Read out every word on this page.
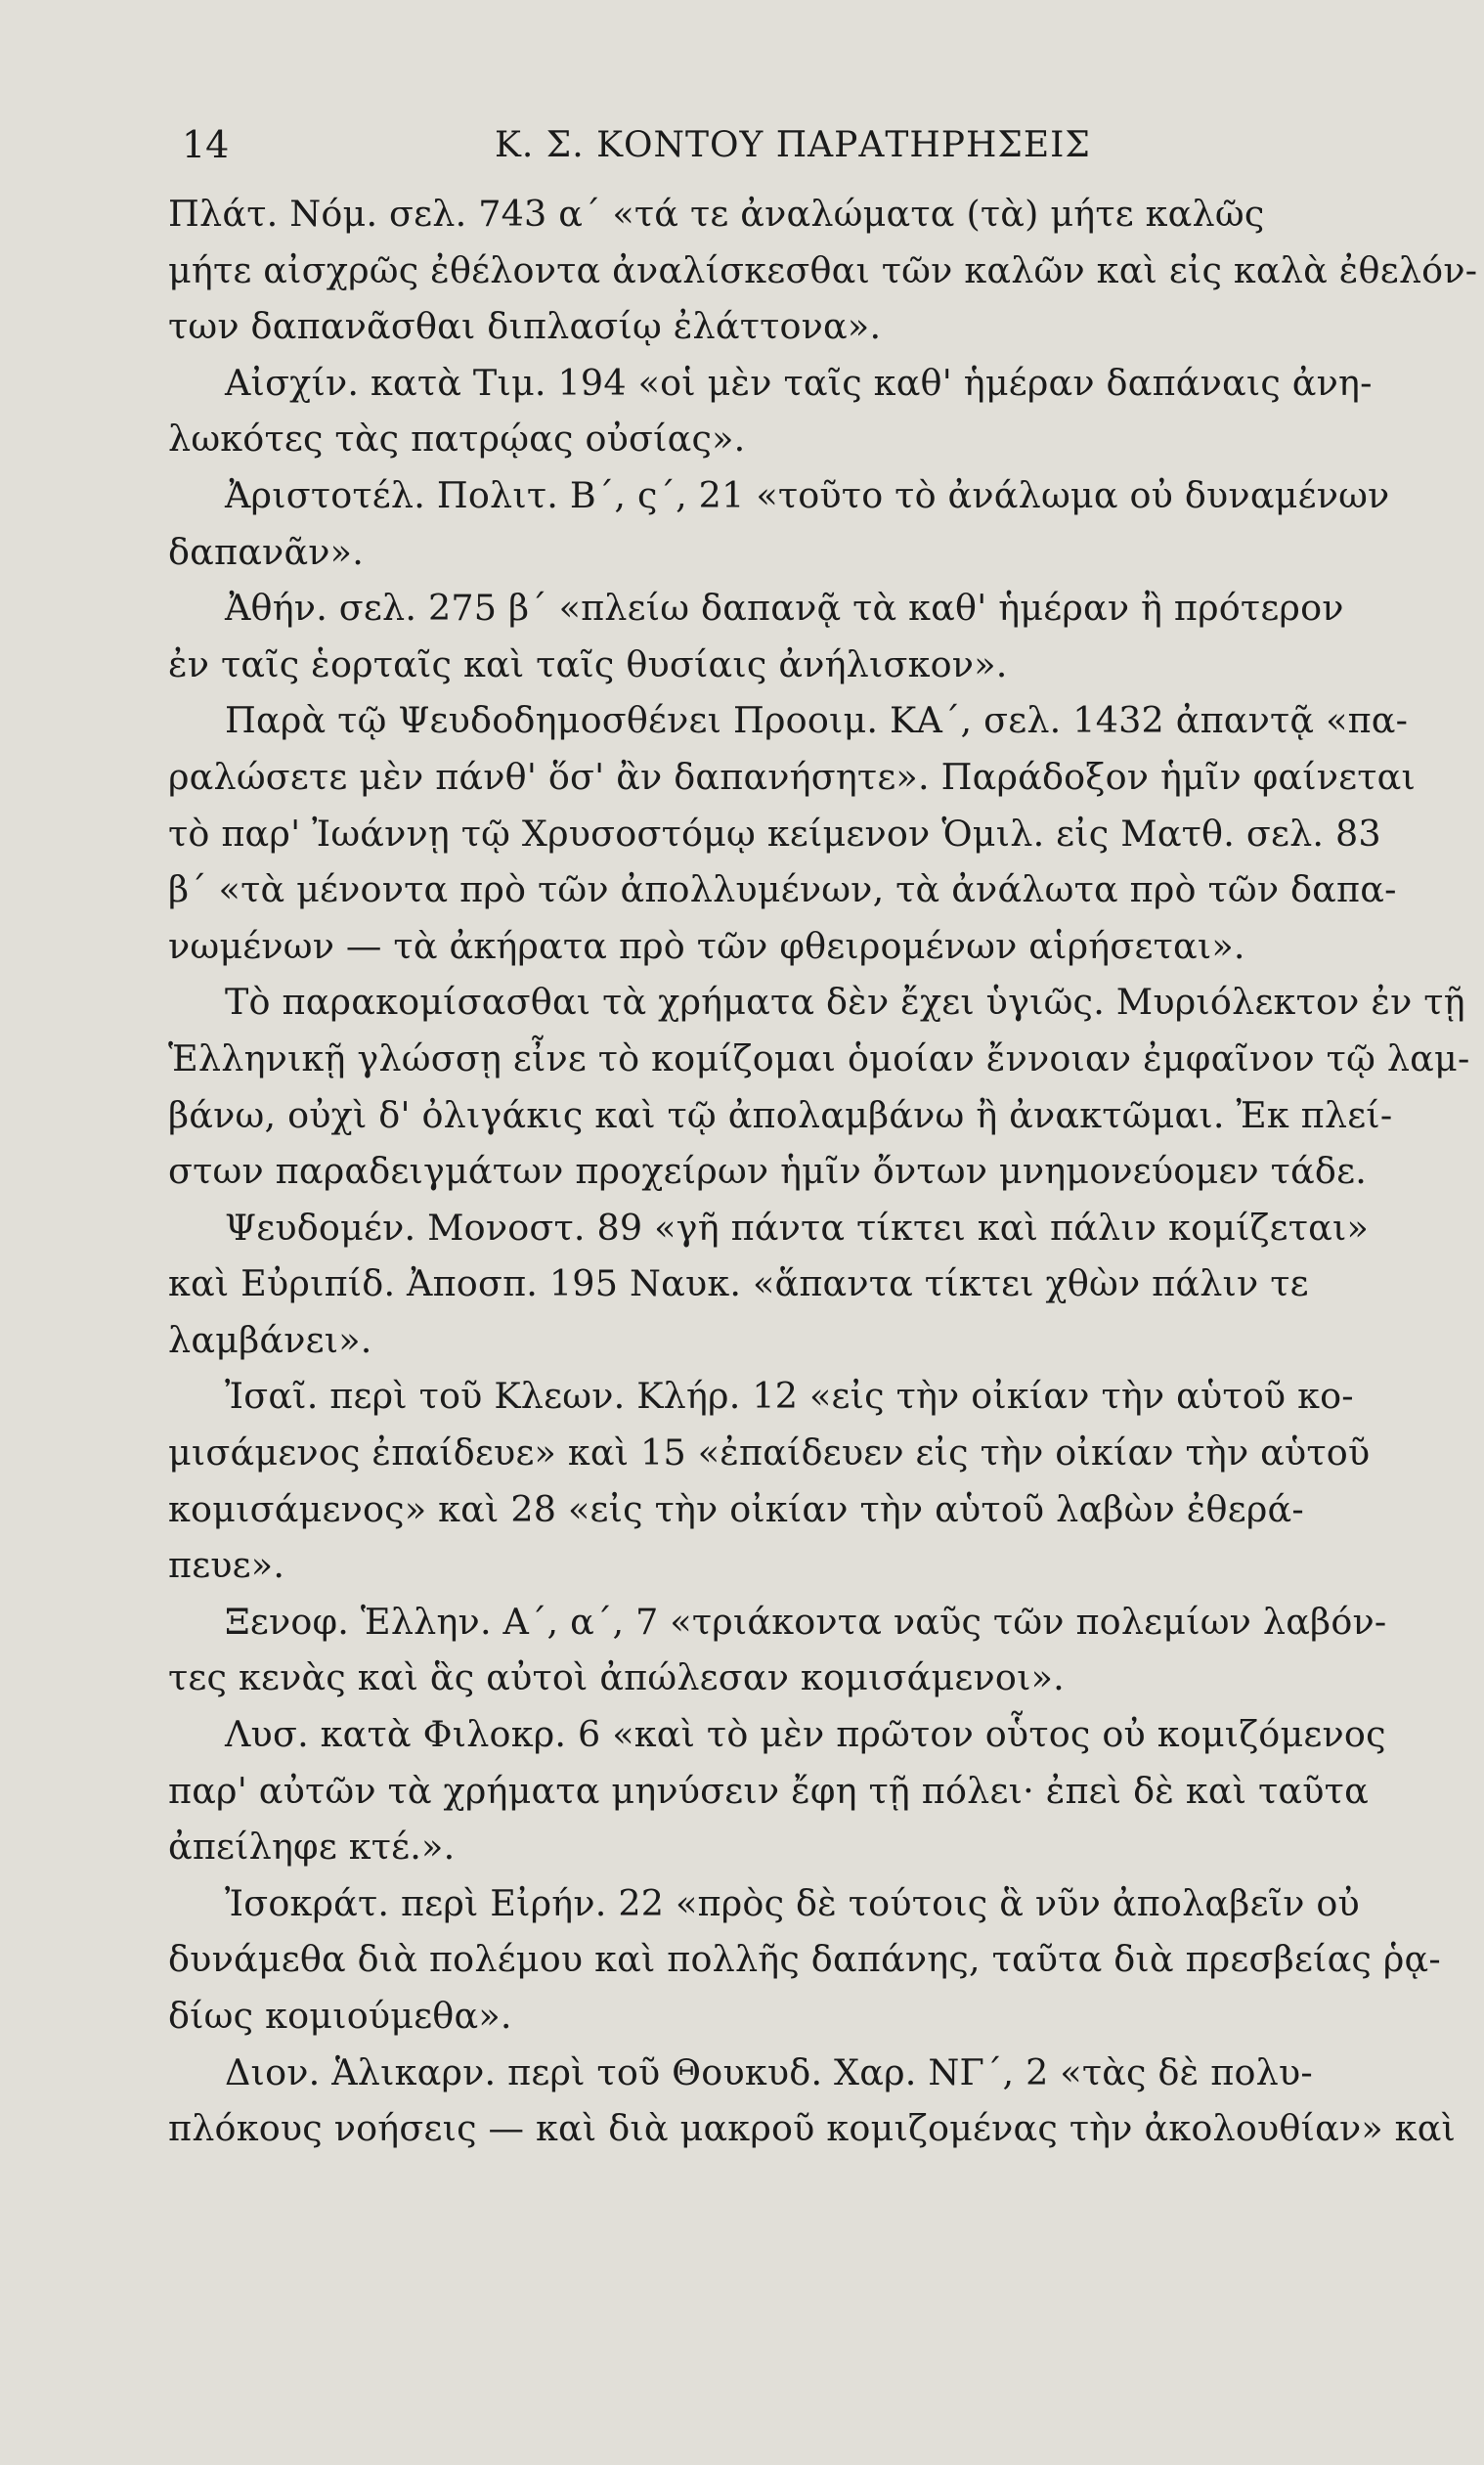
14	Κ. Σ. ΚΟΝΤΟΥ ΠΑΡΑΤΗΡΗΣΕΙΣ
Πλάτ. Νόμ. σελ. 743 α΄ «τά τε ἀναλώματα (τὰ) μήτε καλῶς
μήτε αἰσχρῶς ἐθέλοντα ἀναλίσκεσθαι τῶν καλῶν καὶ εἰς καλὰ ἐθελόν-
των δαπανᾶσθαι διπλασίῳ ἐλάττονα».
Αἰσχίν. κατὰ Τιμ. 194 «οἱ μὲν ταῖς καθ' ἡμέραν δαπάναις ἀνη-
λωκότες τὰς πατρῴας οὐσίας».
Ἀριστοτέλ. Πολιτ. Β΄, ς΄, 21 «τοῦτο τὸ ἀνάλωμα οὐ δυναμένων
δαπανᾶν».
Ἀθήν. σελ. 275 β΄ «πλείω δαπανᾷ τὰ καθ' ἡμέραν ἢ πρότερον
ἐν ταῖς ἑορταῖς καὶ ταῖς θυσίαις ἀνήλισκον».
Παρὰ τῷ Ψευδοδημοσθένει Προοιμ. ΚΑ΄, σελ. 1432 ἀπαντᾷ «πα-
ραλώσετε μὲν πάνθ' ὅσ' ἂν δαπανήσητε». Παράδοξον ἡμῖν φαίνεται
τὸ παρ' Ἰωάννῃ τῷ Χρυσοστόμῳ κείμενον Ὁμιλ. εἰς Ματθ. σελ. 83
β΄ «τὰ μένοντα πρὸ τῶν ἀπολλυμένων, τὰ ἀνάλωτα πρὸ τῶν δαπα-
νωμένων — τὰ ἀκήρατα πρὸ τῶν φθειρομένων αἱρήσεται».
Τὸ παρακομίσασθαι τὰ χρήματα δὲν ἔχει ὑγιῶς. Μυριόλεκτον ἐν τῇ
Ἑλληνικῇ γλώσσῃ εἶνε τὸ κομίζομαι ὁμοίαν ἔννοιαν ἐμφαῖνον τῷ λαμ-
βάνω, οὐχὶ δ' ὀλιγάκις καὶ τῷ ἀπολαμβάνω ἢ ἀνακτῶμαι. Ἐκ πλεί-
στων παραδειγμάτων προχείρων ἡμῖν ὄντων μνημονεύομεν τάδε.
Ψευδομέν. Μονοστ. 89 «γῆ πάντα τίκτει καὶ πάλιν κομίζεται»
καὶ Εὐριπίδ. Ἀποσπ. 195 Ναυκ. «ἅπαντα τίκτει χθὼν πάλιν τε
λαμβάνει».
Ἰσαῖ. περὶ τοῦ Κλεων. Κλήρ. 12 «εἰς τὴν οἰκίαν τὴν αὑτοῦ κο-
μισάμενος ἐπαίδευε» καὶ 15 «ἐπαίδευεν εἰς τὴν οἰκίαν τὴν αὑτοῦ
κομισάμενος» καὶ 28 «εἰς τὴν οἰκίαν τὴν αὑτοῦ λαβὼν ἐθερά-
πευε».
Ξενοφ. Ἑλλην. Α΄, α΄, 7 «τριάκοντα ναῦς τῶν πολεμίων λαβόν-
τες κενὰς καὶ ἃς αὐτοὶ ἀπώλεσαν κομισάμενοι».
Λυσ. κατὰ Φιλοκρ. 6 «καὶ τὸ μὲν πρῶτον οὗτος οὐ κομιζόμενος
παρ' αὐτῶν τὰ χρήματα μηνύσειν ἔφη τῇ πόλει· ἐπεὶ δὲ καὶ ταῦτα
ἀπείληφε κτέ.».
Ἰσοκράτ. περὶ Εἰρήν. 22 «πρὸς δὲ τούτοις ἃ νῦν ἀπολαβεῖν οὐ
δυνάμεθα διὰ πολέμου καὶ πολλῆς δαπάνης, ταῦτα διὰ πρεσβείας ῥᾳ-
δίως κομιούμεθα».
Διον. Ἁλικαρν. περὶ τοῦ Θουκυδ. Χαρ. ΝΓ΄, 2 «τὰς δὲ πολυ-
πλόκους νοήσεις — καὶ διὰ μακροῦ κομιζομένας τὴν ἀκολουθίαν» καὶ
